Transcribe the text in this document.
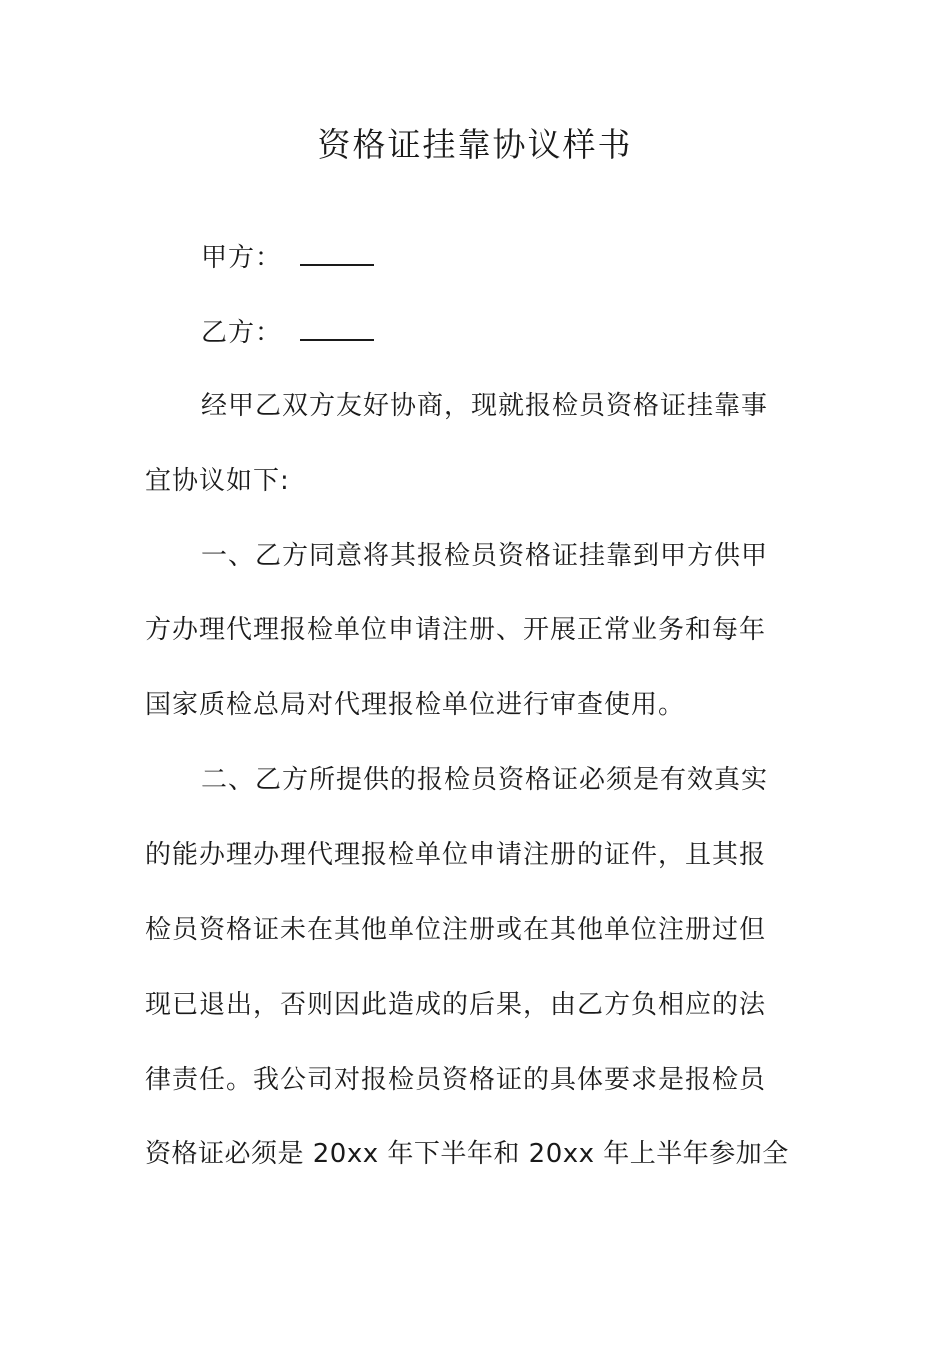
资格证挂靠协议样书
甲方：
乙方：
经甲乙双方友好协商，现就报检员资格证挂靠事
宜协议如下:
一、乙方同意将其报检员资格证挂靠到甲方供甲
方办理代理报检单位申请注册、开展正常业务和每年
国家质检总局对代理报检单位进行审查使用。
二、乙方所提供的报检员资格证必须是有效真实
的能办理办理代理报检单位申请注册的证件，且其报
检员资格证未在其他单位注册或在其他单位注册过但
现已退出，否则因此造成的后果，由乙方负相应的法
律责任。我公司对报检员资格证的具体要求是报检员
资格证必须是 20xx 年下半年和 20xx 年上半年参加全
